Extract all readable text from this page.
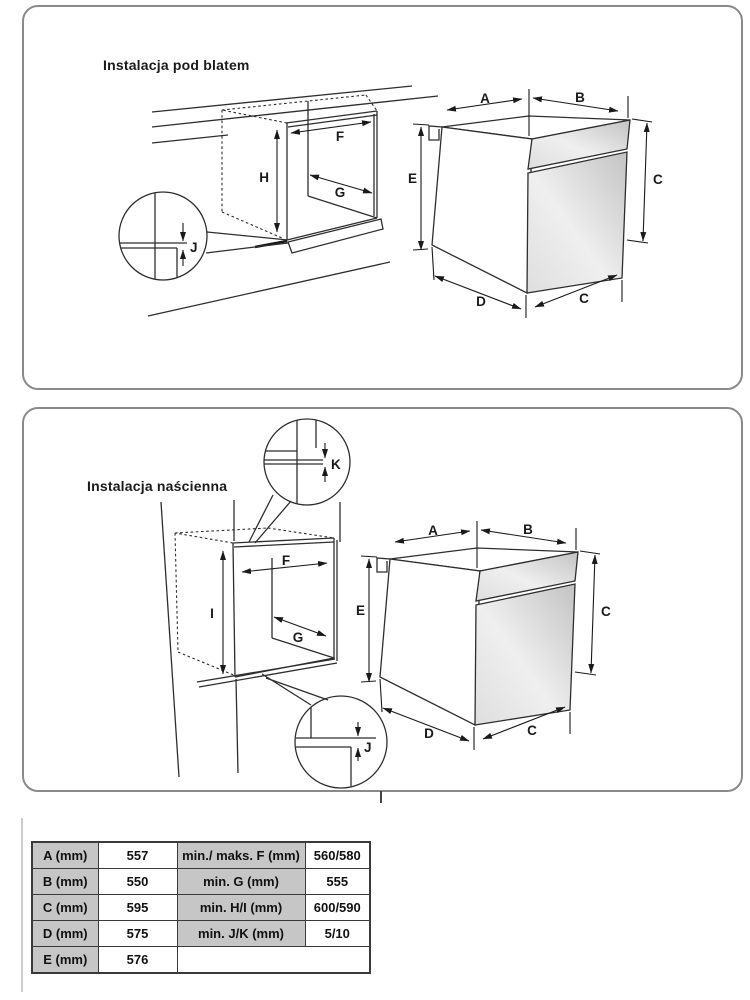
Instalacja pod blatem
H
F
G
J
Instalacja naścienna
F
I
G
K
J
A (mm)	557	min./ maks. F (mm)	560/580
B (mm)	550	min. G (mm)	555
C (mm)	595	min. H/I (mm)	600/590
D (mm)	575	min. J/K (mm)	5/10
E (mm)	576		
